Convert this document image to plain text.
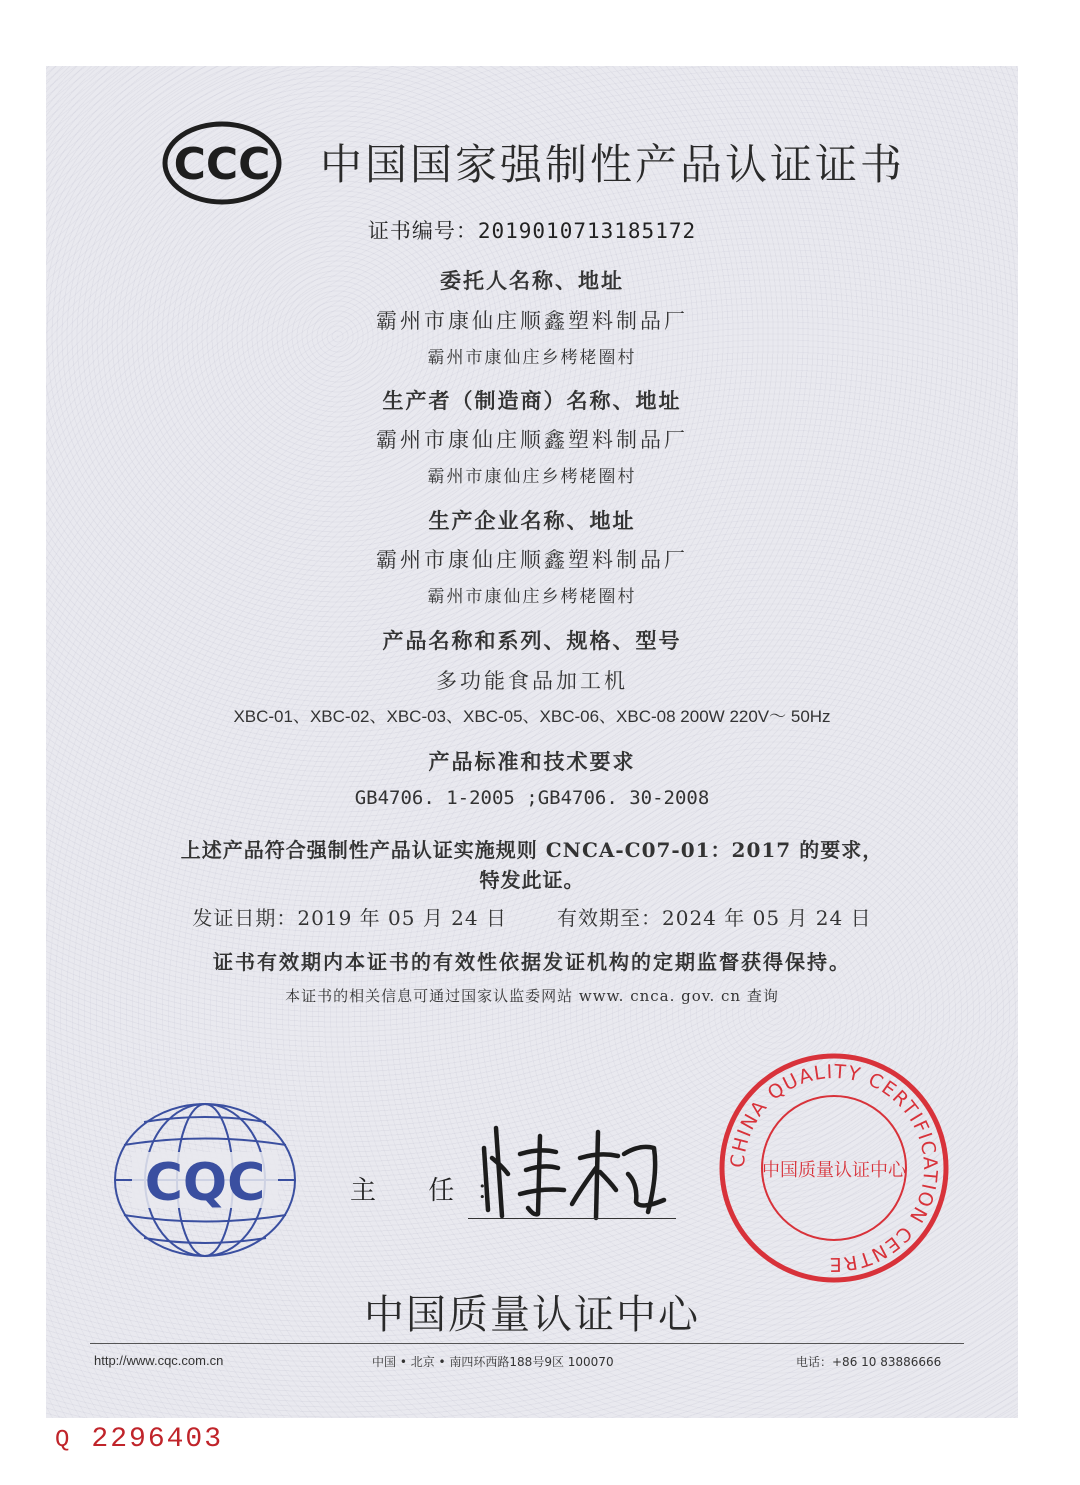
CCC 中国国家强制性产品认证证书
证书编号：2019010713185172
委托人名称、地址
霸州市康仙庄顺鑫塑料制品厂
霸州市康仙庄乡栲栳圈村
生产者（制造商）名称、地址
霸州市康仙庄顺鑫塑料制品厂
霸州市康仙庄乡栲栳圈村
生产企业名称、地址
霸州市康仙庄顺鑫塑料制品厂
霸州市康仙庄乡栲栳圈村
产品名称和系列、规格、型号
多功能食品加工机
XBC-01、XBC-02、XBC-03、XBC-05、XBC-06、XBC-08 200W 220V～ 50Hz
产品标准和技术要求
GB4706. 1-2005 ;GB4706. 30-2008
上述产品符合强制性产品认证实施规则 CNCA-C07-01：2017 的要求，
特发此证。
发证日期：2019 年 05 月 24 日	有效期至：2024 年 05 月 24 日
证书有效期内本证书的有效性依据发证机构的定期监督获得保持。
本证书的相关信息可通过国家认监委网站 www. cnca. gov. cn 查询
CQC	主 任：
CHINA QUALITY CERTIFICATION CENTRE
中国质量认证中心
中国质量认证中心
http://www.cqc.com.cn	中国 • 北京 • 南四环西路188号9区 100070	电话：+86 10 83886666
Q 2296403
